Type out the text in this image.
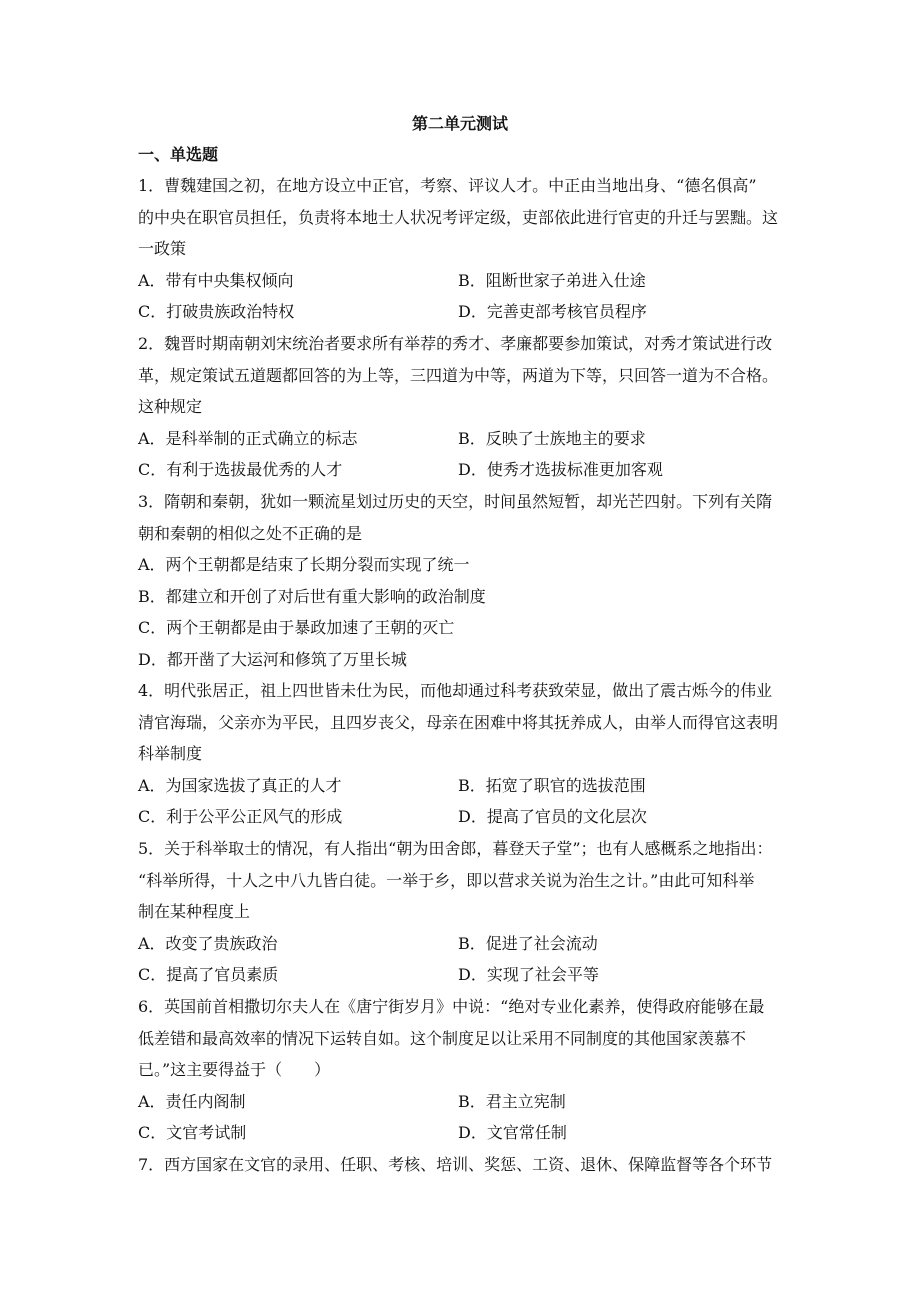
第二单元测试
一、单选题
1．曹魏建国之初，在地方设立中正官，考察、评议人才。中正由当地出身、“德名俱高”
的中央在职官员担任，负责将本地士人状况考评定级，吏部依此进行官吏的升迁与罢黜。这
一政策
A．带有中央集权倾向	B．阻断世家子弟进入仕途
C．打破贵族政治特权	D．完善吏部考核官员程序
2．魏晋时期南朝刘宋统治者要求所有举荐的秀才、孝廉都要参加策试，对秀才策试进行改
革，规定策试五道题都回答的为上等，三四道为中等，两道为下等，只回答一道为不合格。
这种规定
A．是科举制的正式确立的标志	B．反映了士族地主的要求
C．有利于选拔最优秀的人才	D．使秀才选拔标准更加客观
3．隋朝和秦朝，犹如一颗流星划过历史的天空，时间虽然短暂，却光芒四射。下列有关隋
朝和秦朝的相似之处不正确的是
A．两个王朝都是结束了长期分裂而实现了统一
B．都建立和开创了对后世有重大影响的政治制度
C．两个王朝都是由于暴政加速了王朝的灭亡
D．都开凿了大运河和修筑了万里长城
4．明代张居正，祖上四世皆未仕为民，而他却通过科考获致荣显，做出了震古烁今的伟业
清官海瑞，父亲亦为平民，且四岁丧父，母亲在困难中将其抚养成人，由举人而得官这表明
科举制度
A．为国家选拔了真正的人才	B．拓宽了职官的选拔范围
C．利于公平公正风气的形成	D．提高了官员的文化层次
5．关于科举取士的情况，有人指出“朝为田舍郎，暮登天子堂”；也有人感概系之地指出：
“科举所得，十人之中八九皆白徒。一举于乡，即以营求关说为治生之计。”由此可知科举
制在某种程度上
A．改变了贵族政治	B．促进了社会流动
C．提高了官员素质	D．实现了社会平等
6．英国前首相撒切尔夫人在《唐宁街岁月》中说：“绝对专业化素养，使得政府能够在最
低差错和最高效率的情况下运转自如。这个制度足以让采用不同制度的其他国家羡慕不
已。”这主要得益于（　　）
A．责任内阁制	B．君主立宪制
C．文官考试制	D．文官常任制
7．西方国家在文官的录用、任职、考核、培训、奖惩、工资、退休、保障监督等各个环节
